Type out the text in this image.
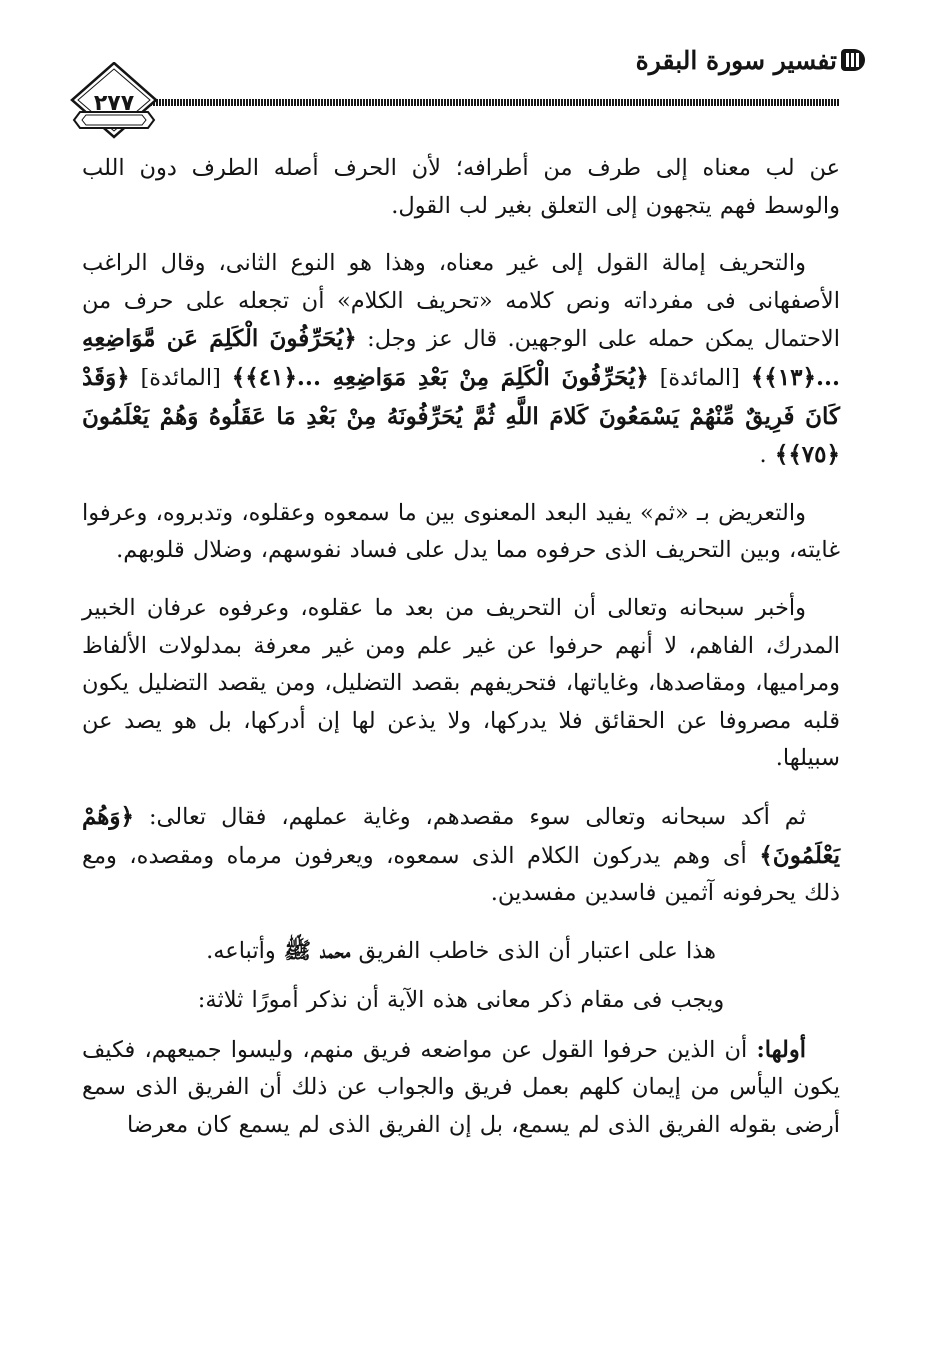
تفسير سورة البقرة
٢٧٧

عن لب معناه إلى طرف من أطرافه؛ لأن الحرف أصله الطرف دون اللب والوسط فهم يتجهون إلى التعلق بغير لب القول.

والتحريف إمالة القول إلى غير معناه، وهذا هو النوع الثانى، وقال الراغب الأصفهانى فى مفرداته ونص كلامه «تحريف الكلام» أن تجعله على حرف من الاحتمال يمكن حمله على الوجهين. قال عز وجل: ﴿يُحَرِّفُونَ الْكَلِمَ عَن مَّوَاضِعِهِ ...﴿١٣﴾﴾ [المائدة] ﴿يُحَرِّفُونَ الْكَلِمَ مِنْ بَعْدِ مَوَاضِعِهِ ...﴿٤١﴾﴾ [المائدة] ﴿وَقَدْ كَانَ فَرِيقٌ مِّنْهُمْ يَسْمَعُونَ كَلامَ اللَّهِ ثُمَّ يُحَرِّفُونَهُ مِنْ بَعْدِ مَا عَقَلُوهُ وَهُمْ يَعْلَمُونَ ﴿٧٥﴾﴾ .

والتعريض بـ «ثم» يفيد البعد المعنوى بين ما سمعوه وعقلوه، وتدبروه، وعرفوا غايته، وبين التحريف الذى حرفوه مما يدل على فساد نفوسهم، وضلال قلوبهم.

وأخبر سبحانه وتعالى أن التحريف من بعد ما عقلوه، وعرفوه عرفان الخبير المدرك، الفاهم، لا أنهم حرفوا عن غير علم ومن غير معرفة بمدلولات الألفاظ ومراميها، ومقاصدها، وغاياتها، فتحريفهم بقصد التضليل، ومن يقصد التضليل يكون قلبه مصروفا عن الحقائق فلا يدركها، ولا يذعن لها إن أدركها، بل هو يصد عن سبيلها.

ثم أكد سبحانه وتعالى سوء مقصدهم، وغاية عملهم، فقال تعالى: ﴿وَهُمْ يَعْلَمُونَ﴾ أى وهم يدركون الكلام الذى سمعوه، ويعرفون مرماه ومقصده، ومع ذلك يحرفونه آثمين فاسدين مفسدين.

هذا على اعتبار أن الذى خاطب الفريق محمد ﷺ وأتباعه.

ويجب فى مقام ذكر معانى هذه الآية أن نذكر أمورًا ثلاثة:

أولها: أن الذين حرفوا القول عن مواضعه فريق منهم، وليسوا جميعهم، فكيف يكون اليأس من إيمان كلهم بعمل فريق والجواب عن ذلك أن الفريق الذى سمع أرضى بقوله الفريق الذى لم يسمع، بل إن الفريق الذى لم يسمع كان معرضا
